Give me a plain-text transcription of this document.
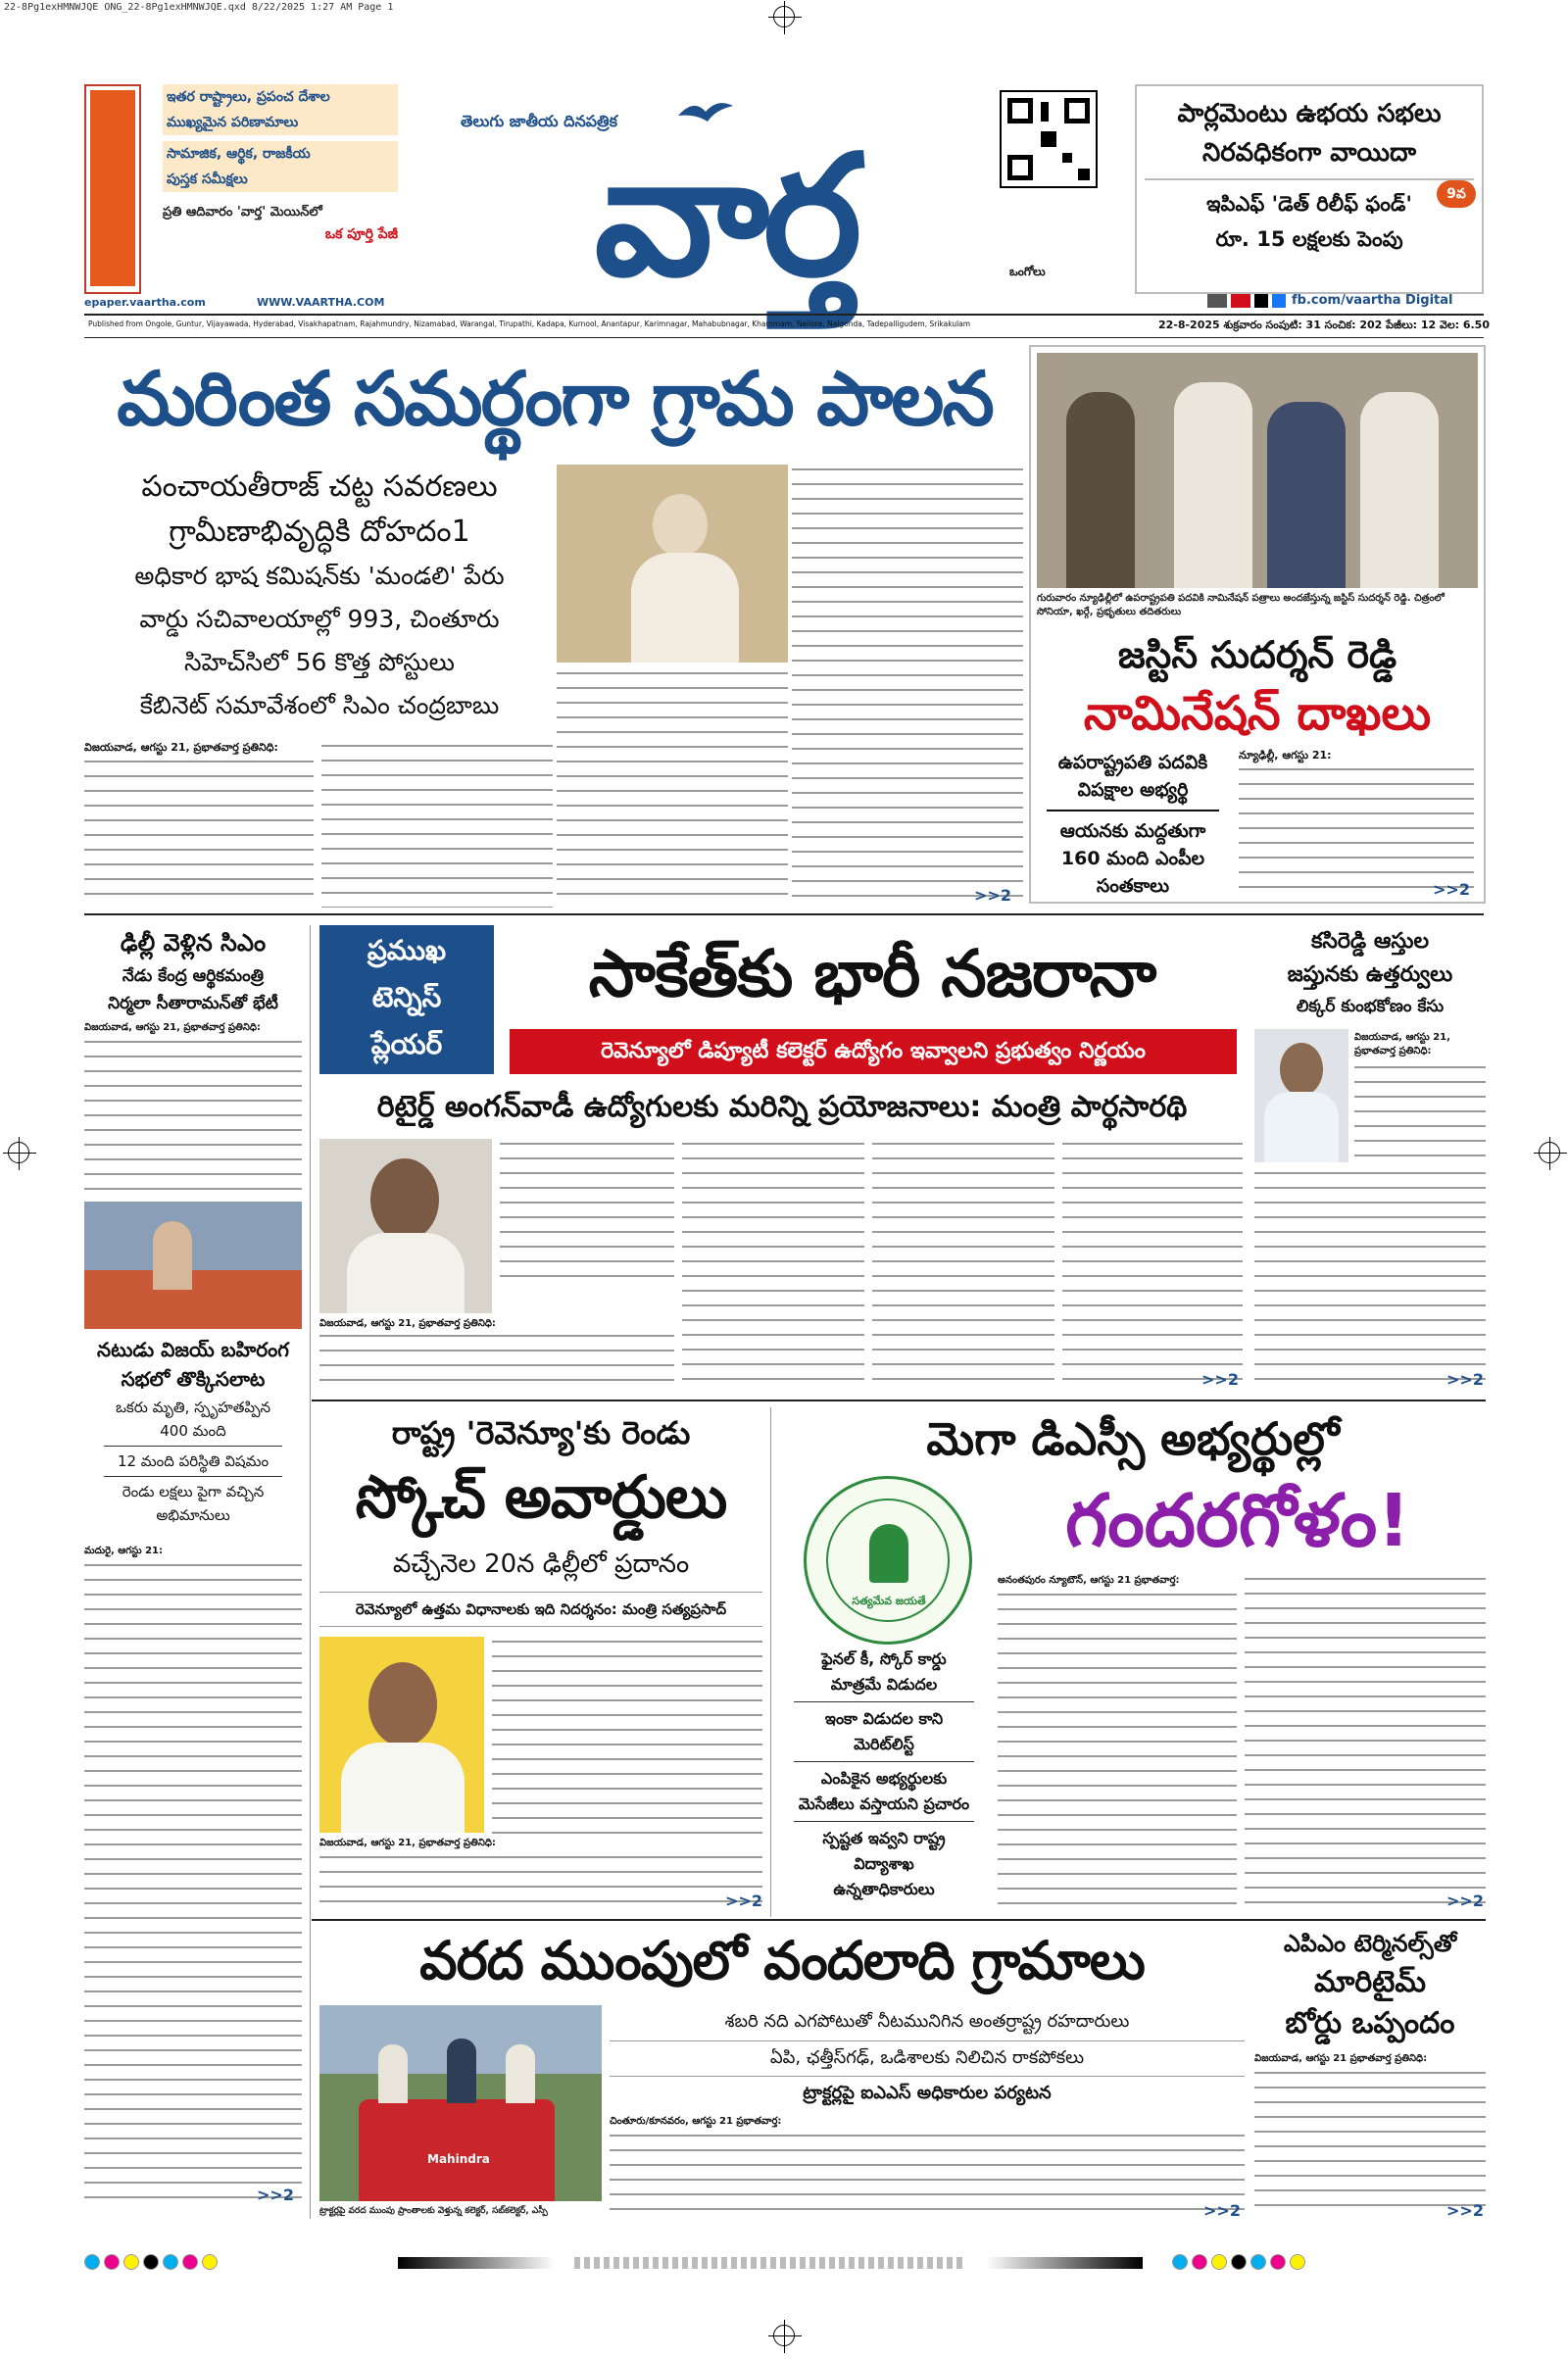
22-8Pg1exHMNWJQE ONG_22-8Pg1exHMNWJQE.qxd 8/22/2025 1:27 AM Page 1
ఇతర రాష్ట్రాలు, ప్రపంచ దేశాల
ముఖ్యమైన పరిణామాలు
సామాజిక, ఆర్థిక, రాజకీయ
పుస్తక సమీక్షలు
ప్రతి ఆదివారం 'వార్త' మెయిన్‌లో
ఒక పూర్తి పేజీ
epaper.vaartha.com	WWW.VAARTHA.COM
తెలుగు జాతీయ దినపత్రిక
వార్త	ఒంగోలు
పార్లమెంటు ఉభయ సభలు
నిరవధికంగా వాయిదా
ఇపిఎఫ్ 'డెత్ రిలీఫ్ ఫండ్'
రూ. 15 లక్షలకు పెంపు
9వ
fb.com/vaartha Digital
Published from Ongole, Guntur, Vijayawada, Hyderabad, Visakhapatnam, Rajahmundry, Nizamabad, Warangal, Tirupathi, Kadapa, Kurnool, Anantapur, Karimnagar, Mahabubnagar, Khammam, Nellore, Nalgonda, Tadepalligudem, Srikakulam	22-8-2025 శుక్రవారం సంపుటి: 31 సంచిక: 202 పేజీలు: 12 వెల: 6.50
మరింత సమర్థంగా గ్రామ పాలన
పంచాయతీరాజ్ చట్ట సవరణలు
గ్రామీణాభివృద్ధికి దోహదం1
అధికార భాష కమిషన్‌కు 'మండలి' పేరు
వార్డు సచివాలయాల్లో 993, చింతూరు
సిహెచ్‌సిలో 56 కొత్త పోస్టులు
కేబినెట్ సమావేశంలో సిఎం చంద్రబాబు
విజయవాడ, ఆగస్టు 21, ప్రభాతవార్త ప్రతినిధి:
>>2
గురువారం న్యూఢిల్లీలో ఉపరాష్ట్రపతి పదవికి నామినేషన్ పత్రాలు అందజేస్తున్న జస్టిస్ సుదర్శన్ రెడ్డి. చిత్రంలో సోనియా, ఖర్గే, ప్రభృతులు తదితరులు
జస్టిస్ సుదర్శన్ రెడ్డి
నామినేషన్ దాఖలు
ఉపరాష్ట్రపతి పదవికి
విపక్షాల అభ్యర్థి
ఆయనకు మద్దతుగా
160 మంది ఎంపీల
సంతకాలు
న్యూఢిల్లీ, ఆగస్టు 21:
>>2
ఢిల్లీ వెళ్లిన సిఎం
నేడు కేంద్ర ఆర్థికమంత్రి
నిర్మలా సీతారామన్‌తో భేటీ
విజయవాడ, ఆగస్టు 21, ప్రభాతవార్త ప్రతినిధి:
ప్రముఖ
టెన్నిస్
ప్లేయర్
సాకేత్‌కు భారీ నజరానా
రెవెన్యూలో డిప్యూటీ కలెక్టర్ ఉద్యోగం ఇవ్వాలని ప్రభుత్వం నిర్ణయం
రిటైర్డ్ అంగన్‌వాడీ ఉద్యోగులకు మరిన్ని ప్రయోజనాలు: మంత్రి పార్థసారథి
విజయవాడ, ఆగస్టు 21, ప్రభాతవార్త ప్రతినిధి:
>>2
కసిరెడ్డి ఆస్తుల
జప్తునకు ఉత్తర్వులు
లిక్కర్ కుంభకోణం కేసు
విజయవాడ, ఆగస్టు 21, ప్రభాతవార్త ప్రతినిధి:
>>2
నటుడు విజయ్ బహిరంగ
సభలో తొక్కిసలాట
ఒకరు మృతి, స్పృహతప్పిన
400 మంది
12 మంది పరిస్థితి విషమం
రెండు లక్షలు పైగా వచ్చిన
అభిమానులు
మదురై, ఆగస్టు 21:
>>2
రాష్ట్ర 'రెవెన్యూ'కు రెండు
స్కోచ్ అవార్డులు
వచ్చేనెల 20న ఢిల్లీలో ప్రదానం
రెవెన్యూలో ఉత్తమ విధానాలకు ఇది నిదర్శనం: మంత్రి సత్యప్రసాద్
విజయవాడ, ఆగస్టు 21, ప్రభాతవార్త ప్రతినిధి:
>>2
మెగా డిఎస్సీ అభ్యర్థుల్లో
గందరగోళం!
సత్యమేవ జయతే
ఫైనల్ కీ, స్కోర్ కార్డు
మాత్రమే విడుదల
ఇంకా విడుదల కాని
మెరిట్‌లిస్ట్
ఎంపికైన అభ్యర్థులకు
మెసేజీలు వస్తాయని ప్రచారం
స్పష్టత ఇవ్వని రాష్ట్ర
విద్యాశాఖ
ఉన్నతాధికారులు
అనంతపురం న్యూటౌన్, ఆగస్టు 21 ప్రభాతవార్త:
>>2
వరద ముంపులో వందలాది గ్రామాలు
Mahindra
ట్రాక్టర్లపై వరద ముంపు ప్రాంతాలకు వెళ్తున్న కలెక్టర్, సబ్‌కలెక్టర్, ఎస్పీ
శబరి నది ఎగపోటుతో నీటమునిగిన అంతర్రాష్ట్ర రహదారులు
ఏపి, ఛత్తీస్‌గఢ్, ఒడిశాలకు నిలిచిన రాకపోకలు
ట్రాక్టర్లపై ఐఎఎస్ అధికారుల పర్యటన
చింతూరు/కూనవరం, ఆగస్టు 21 ప్రభాతవార్త:
>>2
ఎపిఎం టెర్మినల్స్‌తో
మారిటైమ్
బోర్డు ఒప్పందం
విజయవాడ, ఆగస్టు 21 ప్రభాతవార్త ప్రతినిధి:
>>2
